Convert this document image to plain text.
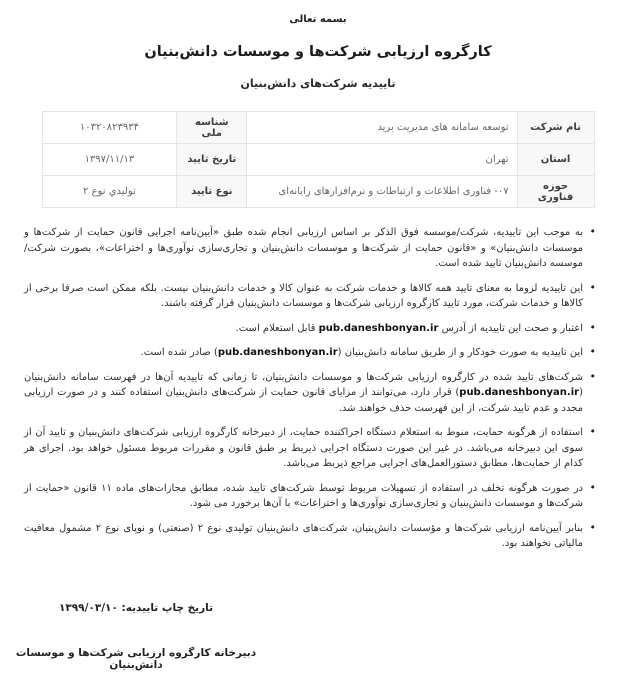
بسمه تعالی
کارگروه ارزیابی شرکت‌ها و موسسات دانش‌بنیان
تاییدیه شرکت‌های دانش‌بنیان
نام شرکت	توسعه سامانه های مدیریت برید	شناسه ملی	۱۰۳۲۰۸۲۳۹۳۴
استان	تهران	تاریخ تایید	۱۳۹۷/۱۱/۱۳
حوزه فناوری	۰۷- فناوری اطلاعات و ارتباطات و نرم‌افزارهای رایانه‌ای	نوع تایید	تولیدي نوع ۲
• به موجب این تاییدیه، شرکت/موسسه فوق الذکر بر اساس ارزیابی انجام شده طبق «آیین‌نامه اجرایی قانون حمایت از شرکت‌ها و موسسات دانش‌بنیان» و «قانون حمایت از شرکت‌ها و موسسات دانش‌بنیان و تجاری‌سازی نوآوری‌ها و اختراعات»، بصورت شرکت/موسسه دانش‌بنیان تایید شده است.
• این تاییدیه لزوما به معنای تایید همه کالاها و خدمات شرکت به عنوان کالا و خدمات دانش‌بنیان نیست. بلکه ممکن است صرفا برخی از کالاها و خدمات شرکت، مورد تایید کارگروه ارزیابی شرکت‌ها و موسسات دانش‌بنیان قرار گرفته باشند.
• اعتبار و صحت این تاییدیه از آدرس pub.daneshbonyan.ir قابل استعلام است.
• این تاییدیه به صورت خودکار و از طریق سامانه دانش‌بنیان (pub.daneshbonyan.ir) صادر شده است.
• شرکت‌های تایید شده در کارگروه ارزیابی شرکت‌ها و موسسات دانش‌بنیان، تا زمانی که تاییدیه آن‌ها در فهرست سامانه دانش‌بنیان (pub.daneshbonyan.ir) قرار دارد، می‌توانند از مزایای قانون حمایت از شرکت‌های دانش‌بنیان استفاده کنند و در صورت ارزیابی مجدد و عدم تایید شرکت، از این فهرست حذف خواهند شد.
• استفاده از هرگونه حمایت، منوط به استعلام دستگاه اجراکننده حمایت، از دبیرخانه کارگروه ارزیابی شرکت‌های دانش‌بنیان و تایید آن از سوی این دبیرخانه می‌باشد. در غیر این صورت دستگاه اجرایی ذیربط بر طبق قانون و مقررات مربوط مسئول خواهد بود. اجرای هر کدام از حمایت‌ها، مطابق دستورالعمل‌های اجرایی مراجع ذیربط می‌باشد.
• در صورت هرگونه تخلف در استفاده از تسهیلات مربوط توسط شرکت‌های تایید شده، مطابق مجازات‌های ماده ۱۱ قانون «حمایت از شرکت‌ها و موسسات دانش‌بنیان و تجاری‌سازی نوآوری‌ها و اختراعات» با آن‌ها برخورد می شود.
• بنابر آیین‌نامه ارزیابی شرکت‌ها و مؤسسات دانش‌بنیان، شرکت‌های دانش‌بنیان تولیدی نوع ۲ (صنعتی) و نوپای نوع ۲ مشمول معافیت مالیاتی نخواهند بود.
تاریخ چاپ تاییدیه: ۱۳۹۹/۰۳/۱۰
دبیرخانه کارگروه ارزیابی شرکت‌ها و موسسات دانش‌بنیان
